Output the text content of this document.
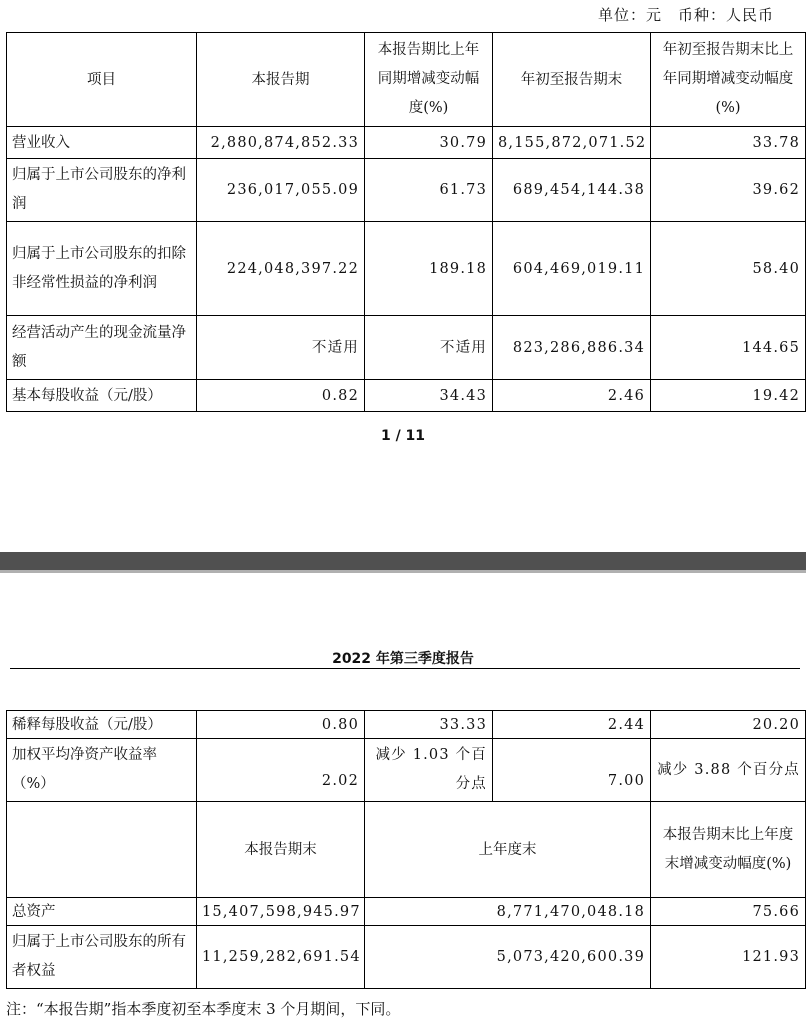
单位：元　币种：人民币
项目	本报告期	本报告期比上年同期增减变动幅度(%)	年初至报告期末	年初至报告期末比上年同期增减变动幅度(%)
营业收入	2,880,874,852.33	30.79	8,155,872,071.52	33.78
归属于上市公司股东的净利润	236,017,055.09	61.73	689,454,144.38	39.62
归属于上市公司股东的扣除非经常性损益的净利润	224,048,397.22	189.18	604,469,019.11	58.40
经营活动产生的现金流量净额	不适用	不适用	823,286,886.34	144.65
基本每股收益（元/股）	0.82	34.43	2.46	19.42
1 / 11
2022 年第三季度报告
稀释每股收益（元/股）	0.80	33.33	2.44	20.20
加权平均净资产收益率（%）	2.02	减少 1.03 个百分点	7.00	减少 3.88 个百分点
	本报告期末	上年度末		本报告期末比上年度末增减变动幅度(%)
总资产	15,407,598,945.97	8,771,470,048.18		75.66
归属于上市公司股东的所有者权益	11,259,282,691.54	5,073,420,600.39		121.93
注：“本报告期”指本季度初至本季度末 3 个月期间，下同。
